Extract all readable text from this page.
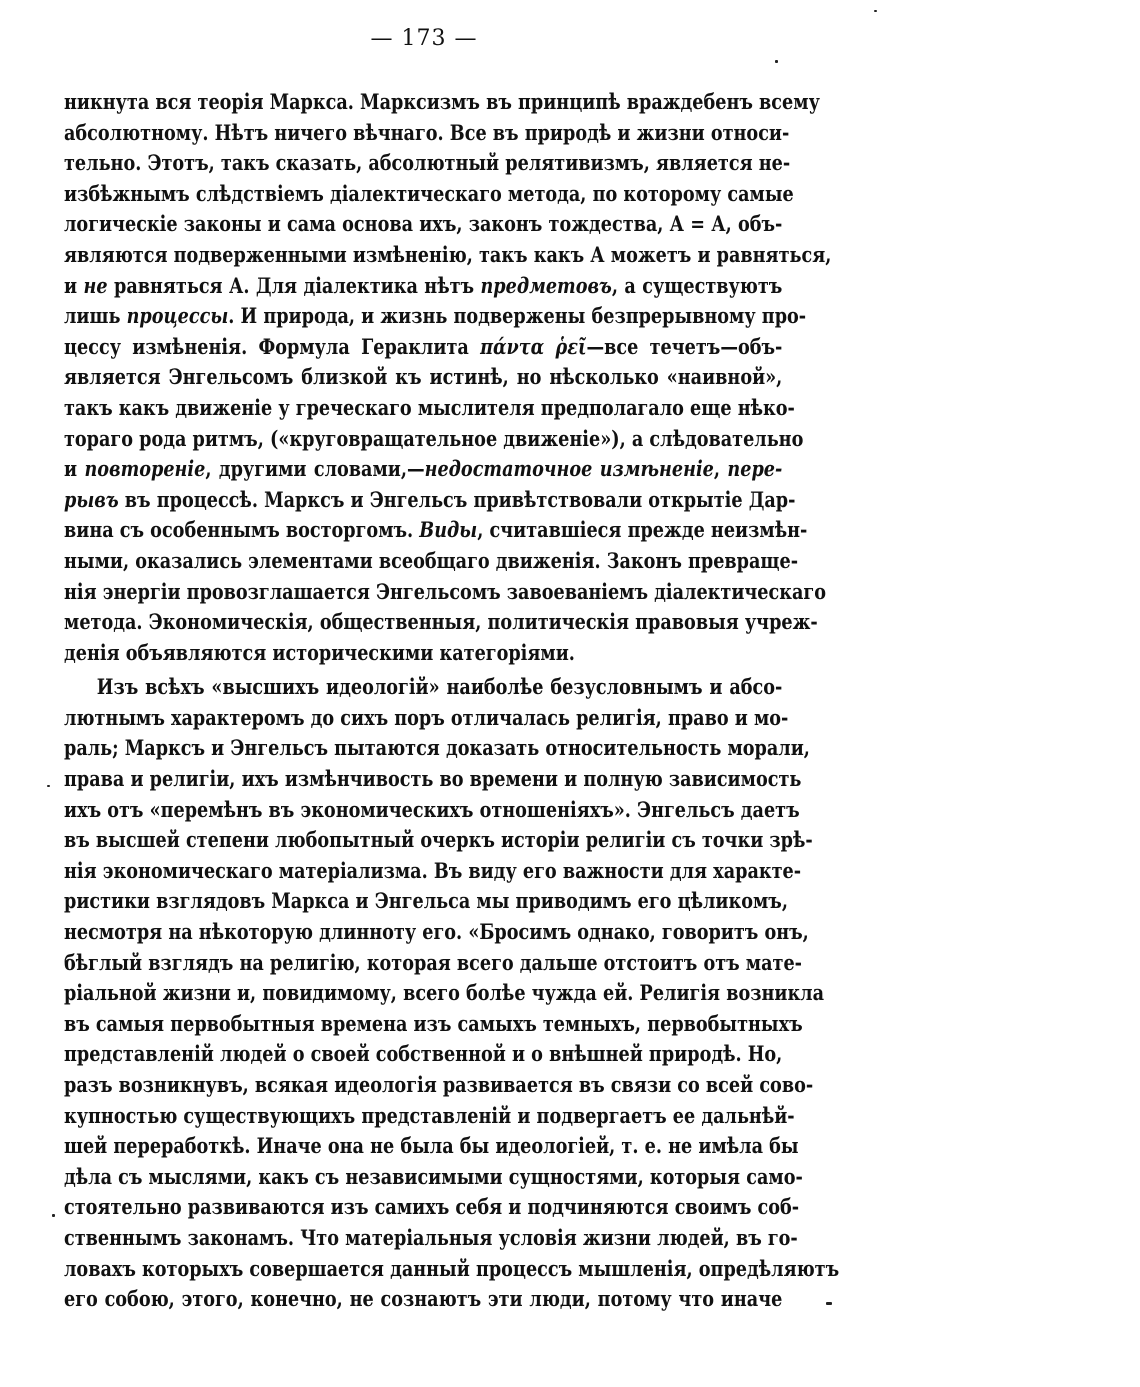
— 173 —
никнута вся теорія Маркса. Марксизмъ въ принципѣ враждебенъ всему
абсолютному. Нѣтъ ничего вѣчнаго. Все въ природѣ и жизни относи-
тельно. Этотъ, такъ сказать, абсолютный релятивизмъ, является не-
избѣжнымъ слѣдствіемъ діалектическаго метода, по которому самые
логическіе законы и сама основа ихъ, законъ тождества, А = А, объ-
являются подверженными измѣненію, такъ какъ А можетъ и равняться,
и не равняться А. Для діалектика нѣтъ предметовъ, а существуютъ
лишь процессы. И природа, и жизнь подвержены безпрерывному про-
цессу измѣненія. Формула Гераклита πάντα ῥεῖ—все течетъ—объ-
является Энгельсомъ близкой къ истинѣ, но нѣсколько «наивной»,
такъ какъ движеніе у греческаго мыслителя предполагало еще нѣко-
тораго рода ритмъ, («круговращательное движеніе»), а слѣдовательно
и повтореніе, другими словами,—недостаточное измѣненіе, пере-
рывъ въ процессѣ. Марксъ и Энгельсъ привѣтствовали открытіе Дар-
вина съ особеннымъ восторгомъ. Виды, считавшіеся прежде неизмѣн-
ными, оказались элементами всеобщаго движенія. Законъ превраще-
нія энергіи провозглашается Энгельсомъ завоеваніемъ діалектическаго
метода. Экономическія, общественныя, политическія правовыя учреж-
денія объявляются историческими категоріями.
Изъ всѣхъ «высшихъ идеологій» наиболѣе безусловнымъ и абсо-
лютнымъ характеромъ до сихъ поръ отличалась религія, право и мо-
раль; Марксъ и Энгельсъ пытаются доказать относительность морали,
права и религіи, ихъ измѣнчивость во времени и полную зависимость
ихъ отъ «перемѣнъ въ экономическихъ отношеніяхъ». Энгельсъ даетъ
въ высшей степени любопытный очеркъ исторіи религіи съ точки зрѣ-
нія экономическаго матеріализма. Въ виду его важности для характе-
ристики взглядовъ Маркса и Энгельса мы приводимъ его цѣликомъ,
несмотря на нѣкоторую длинноту его. «Бросимъ однако, говоритъ онъ,
бѣглый взглядъ на религію, которая всего дальше отстоитъ отъ мате-
ріальной жизни и, повидимому, всего болѣе чужда ей. Религія возникла
въ самыя первобытныя времена изъ самыхъ темныхъ, первобытныхъ
представленій людей о своей собственной и о внѣшней природѣ. Но,
разъ возникнувъ, всякая идеологія развивается въ связи со всей сово-
купностью существующихъ представленій и подвергаетъ ее дальнѣй-
шей переработкѣ. Иначе она не была бы идеологіей, т. е. не имѣла бы
дѣла съ мыслями, какъ съ независимыми сущностями, которыя само-
стоятельно развиваются изъ самихъ себя и подчиняются своимъ соб-
ственнымъ законамъ. Что матеріальныя условія жизни людей, въ го-
ловахъ которыхъ совершается данный процессъ мышленія, опредѣляютъ
его собою, этого, конечно, не сознаютъ эти люди, потому что иначе
